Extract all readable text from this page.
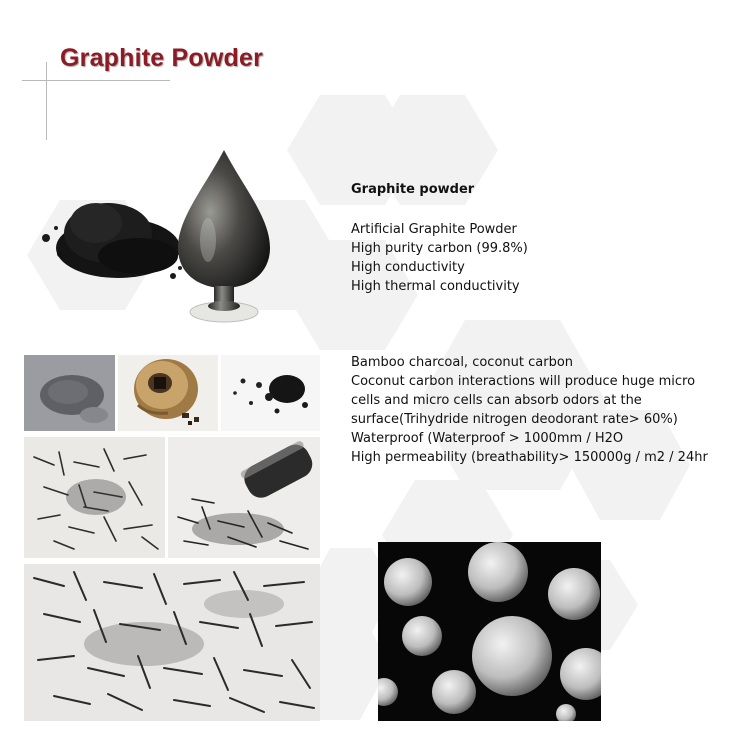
Graphite Powder
Graphite powder
Artificial Graphite Powder
High purity carbon (99.8%)
High conductivity
High thermal conductivity
Bamboo charcoal, coconut carbon
Coconut carbon interactions will produce huge micro
cells and micro cells can absorb odors at the
surface(Trihydride nitrogen deodorant rate> 60%)
Waterproof (Waterproof > 1000mm / H2O
High permeability (breathability> 150000g / m2 / 24hr
